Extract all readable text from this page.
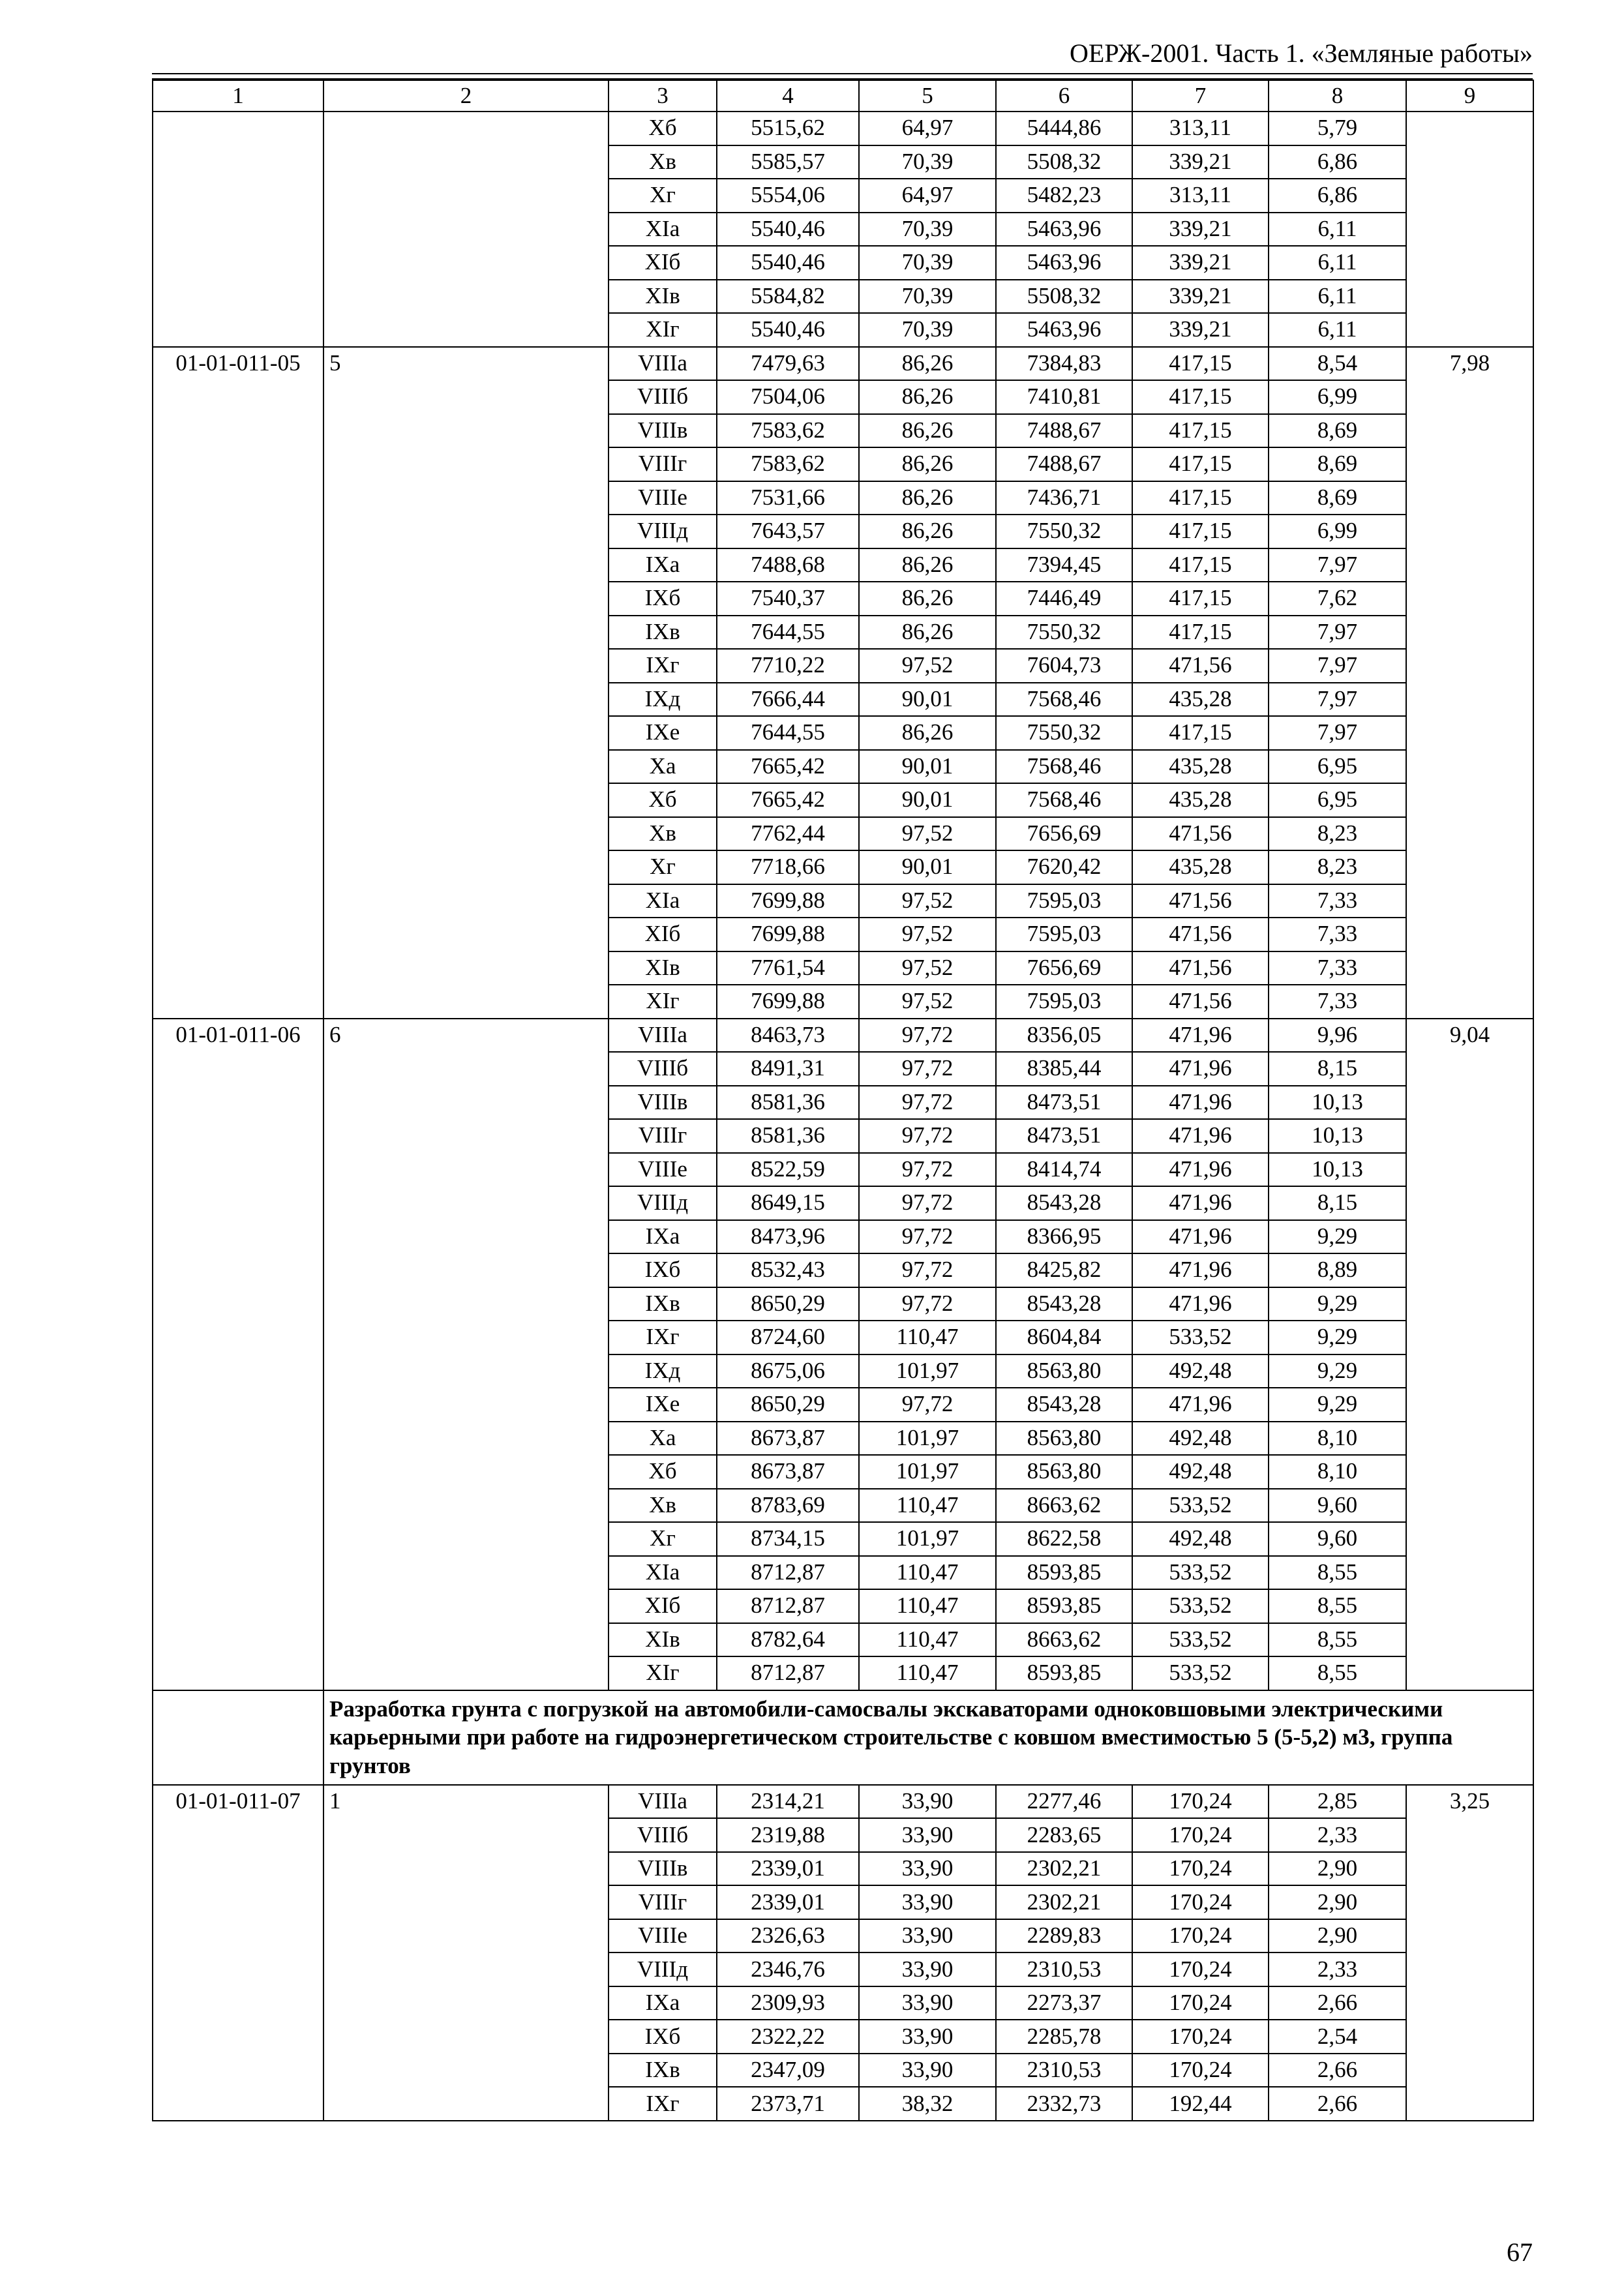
ОЕРЖ-2001. Часть 1. «Земляные работы»
1	2	3	4	5	6	7	8	9
		Xб	5515,62	64,97	5444,86	313,11	5,79	
		Xв	5585,57	70,39	5508,32	339,21	6,86	
		Xг	5554,06	64,97	5482,23	313,11	6,86	
		XIа	5540,46	70,39	5463,96	339,21	6,11	
		XIб	5540,46	70,39	5463,96	339,21	6,11	
		XIв	5584,82	70,39	5508,32	339,21	6,11	
		XIг	5540,46	70,39	5463,96	339,21	6,11	
01-01-011-05	5	VIIIа	7479,63	86,26	7384,83	417,15	8,54	7,98
		VIIIб	7504,06	86,26	7410,81	417,15	6,99	
		VIIIв	7583,62	86,26	7488,67	417,15	8,69	
		VIIIг	7583,62	86,26	7488,67	417,15	8,69	
		VIIIе	7531,66	86,26	7436,71	417,15	8,69	
		VIIIд	7643,57	86,26	7550,32	417,15	6,99	
		IXа	7488,68	86,26	7394,45	417,15	7,97	
		IXб	7540,37	86,26	7446,49	417,15	7,62	
		IXв	7644,55	86,26	7550,32	417,15	7,97	
		IXг	7710,22	97,52	7604,73	471,56	7,97	
		IXд	7666,44	90,01	7568,46	435,28	7,97	
		IXе	7644,55	86,26	7550,32	417,15	7,97	
		Xа	7665,42	90,01	7568,46	435,28	6,95	
		Xб	7665,42	90,01	7568,46	435,28	6,95	
		Xв	7762,44	97,52	7656,69	471,56	8,23	
		Xг	7718,66	90,01	7620,42	435,28	8,23	
		XIа	7699,88	97,52	7595,03	471,56	7,33	
		XIб	7699,88	97,52	7595,03	471,56	7,33	
		XIв	7761,54	97,52	7656,69	471,56	7,33	
		XIг	7699,88	97,52	7595,03	471,56	7,33	
01-01-011-06	6	VIIIа	8463,73	97,72	8356,05	471,96	9,96	9,04
		VIIIб	8491,31	97,72	8385,44	471,96	8,15	
		VIIIв	8581,36	97,72	8473,51	471,96	10,13	
		VIIIг	8581,36	97,72	8473,51	471,96	10,13	
		VIIIе	8522,59	97,72	8414,74	471,96	10,13	
		VIIIд	8649,15	97,72	8543,28	471,96	8,15	
		IXа	8473,96	97,72	8366,95	471,96	9,29	
		IXб	8532,43	97,72	8425,82	471,96	8,89	
		IXв	8650,29	97,72	8543,28	471,96	9,29	
		IXг	8724,60	110,47	8604,84	533,52	9,29	
		IXд	8675,06	101,97	8563,80	492,48	9,29	
		IXе	8650,29	97,72	8543,28	471,96	9,29	
		Xа	8673,87	101,97	8563,80	492,48	8,10	
		Xб	8673,87	101,97	8563,80	492,48	8,10	
		Xв	8783,69	110,47	8663,62	533,52	9,60	
		Xг	8734,15	101,97	8622,58	492,48	9,60	
		XIа	8712,87	110,47	8593,85	533,52	8,55	
		XIб	8712,87	110,47	8593,85	533,52	8,55	
		XIв	8782,64	110,47	8663,62	533,52	8,55	
		XIг	8712,87	110,47	8593,85	533,52	8,55	
	Разработка грунта с погрузкой на автомобили-самосвалы экскаваторами одноковшовыми электрическими карьерными при работе на гидроэнергетическом строительстве с ковшом вместимостью 5 (5-5,2) м3, группа грунтов							
01-01-011-07	1	VIIIа	2314,21	33,90	2277,46	170,24	2,85	3,25
		VIIIб	2319,88	33,90	2283,65	170,24	2,33	
		VIIIв	2339,01	33,90	2302,21	170,24	2,90	
		VIIIг	2339,01	33,90	2302,21	170,24	2,90	
		VIIIе	2326,63	33,90	2289,83	170,24	2,90	
		VIIIд	2346,76	33,90	2310,53	170,24	2,33	
		IXа	2309,93	33,90	2273,37	170,24	2,66	
		IXб	2322,22	33,90	2285,78	170,24	2,54	
		IXв	2347,09	33,90	2310,53	170,24	2,66	
		IXг	2373,71	38,32	2332,73	192,44	2,66	
67
